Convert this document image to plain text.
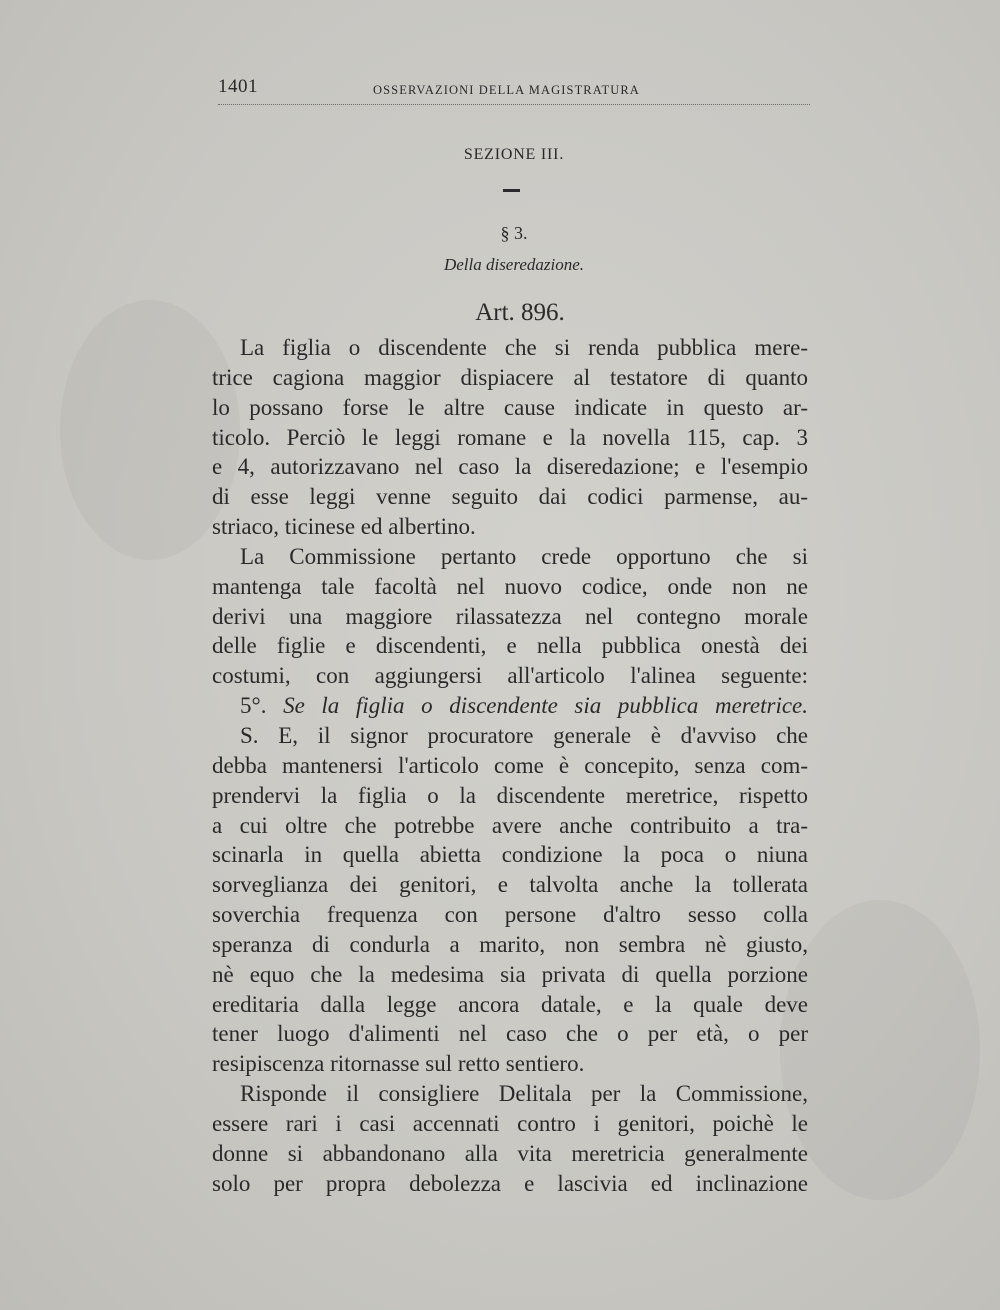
1401	OSSERVAZIONI DELLA MAGISTRATURA
SEZIONE III.
§ 3.
Della diseredazione.
Art. 896.
La figlia o discendente che si renda pubblica mere-
trice cagiona maggior dispiacere al testatore di quanto
lo possano forse le altre cause indicate in questo ar-
ticolo. Perciò le leggi romane e la novella 115, cap. 3
e 4, autorizzavano nel caso la diseredazione; e l'esempio
di esse leggi venne seguito dai codici parmense, au-
striaco, ticinese ed albertino.
La Commissione pertanto crede opportuno che si
mantenga tale facoltà nel nuovo codice, onde non ne
derivi una maggiore rilassatezza nel contegno morale
delle figlie e discendenti, e nella pubblica onestà dei
costumi, con aggiungersi all'articolo l'alinea seguente:
5°. Se la figlia o discendente sia pubblica meretrice.
S. E, il signor procuratore generale è d'avviso che
debba mantenersi l'articolo come è concepito, senza com-
prendervi la figlia o la discendente meretrice, rispetto
a cui oltre che potrebbe avere anche contribuito a tra-
scinarla in quella abietta condizione la poca o niuna
sorveglianza dei genitori, e talvolta anche la tollerata
soverchia frequenza con persone d'altro sesso colla
speranza di condurla a marito, non sembra nè giusto,
nè equo che la medesima sia privata di quella porzione
ereditaria dalla legge ancora datale, e la quale deve
tener luogo d'alimenti nel caso che o per età, o per
resipiscenza ritornasse sul retto sentiero.
Risponde il consigliere Delitala per la Commissione,
essere rari i casi accennati contro i genitori, poichè le
donne si abbandonano alla vita meretricia generalmente
solo per propra debolezza e lascivia ed inclinazione
